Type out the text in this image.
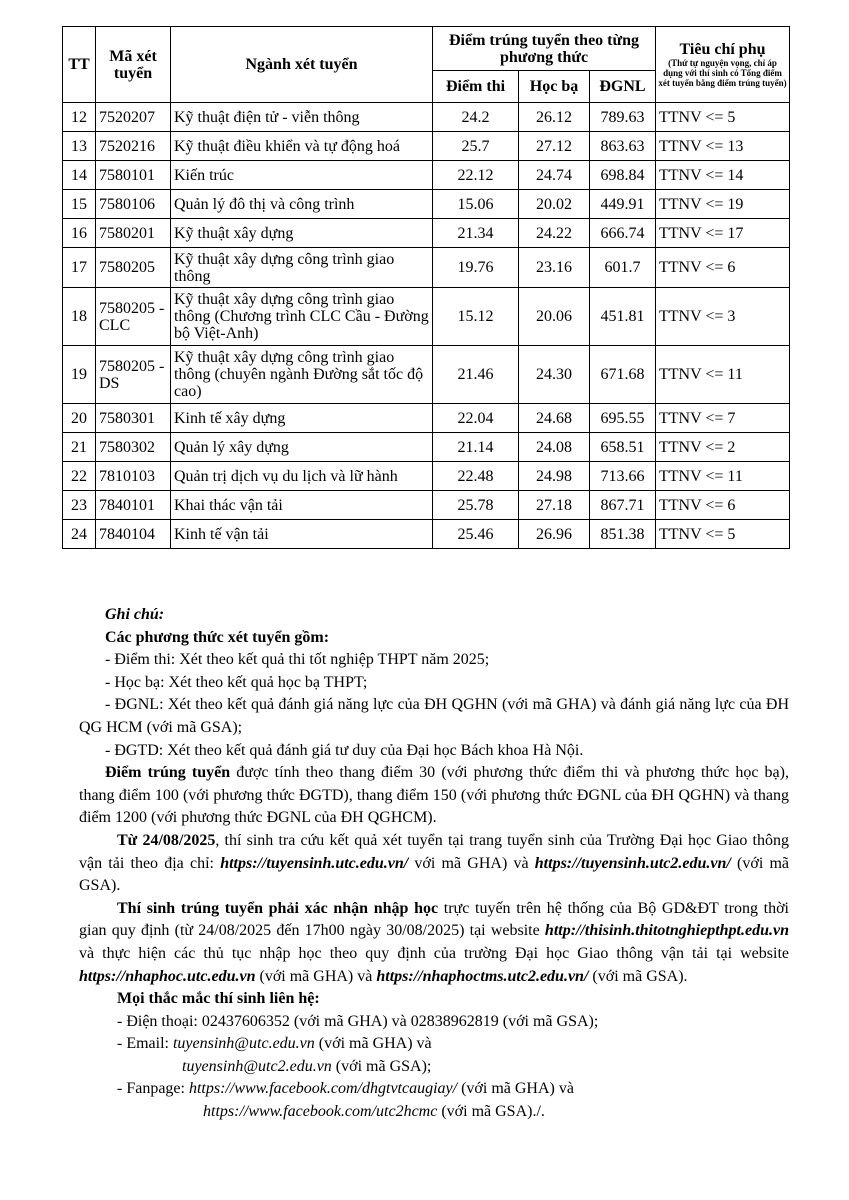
TT	Mã xét tuyển	Ngành xét tuyển	Điểm trúng tuyển theo từng phương thức			Tiêu chí phụ
(Thứ tự nguyện vọng, chỉ áp dụng với thí sinh có Tổng điểm xét tuyển bằng điểm trúng tuyển)

			Điểm thi	Học bạ	ĐGNL	
12	7520207	Kỹ thuật điện tử - viễn thông	24.2	26.12	789.63	TTNV <= 5
13	7520216	Kỹ thuật điều khiển và tự động hoá	25.7	27.12	863.63	TTNV <= 13
14	7580101	Kiến trúc	22.12	24.74	698.84	TTNV <= 14
15	7580106	Quản lý đô thị và công trình	15.06	20.02	449.91	TTNV <= 19
16	7580201	Kỹ thuật xây dựng	21.34	24.22	666.74	TTNV <= 17
17	7580205	Kỹ thuật xây dựng công trình giao thông	19.76	23.16	601.7	TTNV <= 6
18	7580205 -CLC	Kỹ thuật xây dựng công trình giao thông (Chương trình CLC Cầu - Đường bộ Việt-Anh)	15.12	20.06	451.81	TTNV <= 3
19	7580205 -DS	Kỹ thuật xây dựng công trình giao thông (chuyên ngành Đường sắt tốc độ cao)	21.46	24.30	671.68	TTNV <= 11
20	7580301	Kinh tế xây dựng	22.04	24.68	695.55	TTNV <= 7
21	7580302	Quản lý xây dựng	21.14	24.08	658.51	TTNV <= 2
22	7810103	Quản trị dịch vụ du lịch và lữ hành	22.48	24.98	713.66	TTNV <= 11
23	7840101	Khai thác vận tải	25.78	27.18	867.71	TTNV <= 6
24	7840104	Kinh tế vận tải	25.46	26.96	851.38	TTNV <= 5

Ghi chú:

Các phương thức xét tuyển gồm:

- Điểm thi: Xét theo kết quả thi tốt nghiệp THPT năm 2025;

- Học bạ: Xét theo kết quả học bạ THPT;

- ĐGNL: Xét theo kết quả đánh giá năng lực của ĐH QGHN (với mã GHA) và đánh giá năng lực của ĐH QG HCM (với mã GSA);

- ĐGTD: Xét theo kết quả đánh giá tư duy của Đại học Bách khoa Hà Nội.

Điểm trúng tuyển được tính theo thang điểm 30 (với phương thức điểm thi và phương thức học bạ), thang điểm 100 (với phương thức ĐGTD), thang điểm 150 (với phương thức ĐGNL của ĐH QGHN) và thang điểm 1200 (với phương thức ĐGNL của ĐH QGHCM).

Từ 24/08/2025, thí sinh tra cứu kết quả xét tuyển tại trang tuyển sinh của Trường Đại học Giao thông vận tải theo địa chỉ: https://tuyensinh.utc.edu.vn/ với mã GHA) và https://tuyensinh.utc2.edu.vn/ (với mã GSA).

Thí sinh trúng tuyển phải xác nhận nhập học trực tuyến trên hệ thống của Bộ GD&ĐT trong thời gian quy định (từ 24/08/2025 đến 17h00 ngày 30/08/2025) tại website http://thisinh.thitotnghiepthpt.edu.vn và thực hiện các thủ tục nhập học theo quy định của trường Đại học Giao thông vận tải tại website https://nhaphoc.utc.edu.vn (với mã GHA) và https://nhaphoctms.utc2.edu.vn/ (với mã GSA).

Mọi thắc mắc thí sinh liên hệ:

- Điện thoại: 02437606352 (với mã GHA) và 02838962819 (với mã GSA);

- Email: tuyensinh@utc.edu.vn (với mã GHA) và

tuyensinh@utc2.edu.vn (với mã GSA);

- Fanpage: https://www.facebook.com/dhgtvtcaugiay/ (với mã GHA) và

https://www.facebook.com/utc2hcmc (với mã GSA)./.
